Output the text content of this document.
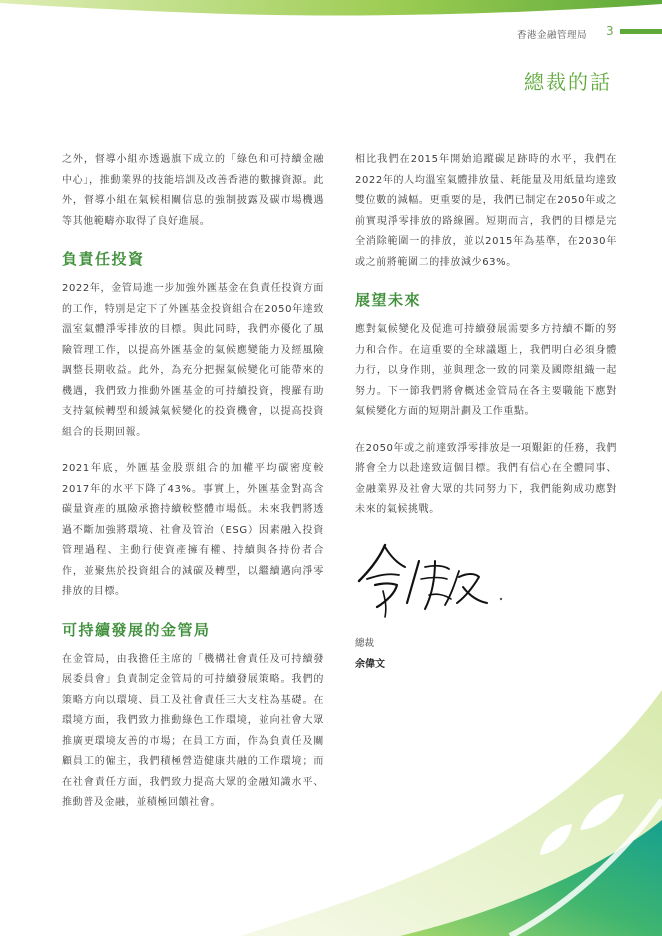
香港金融管理局 3
總裁的話

之外，督導小組亦透過旗下成立的「綠色和可持續金融中心」，推動業界的技能培訓及改善香港的數據資源。此外，督導小組在氣候相關信息的強制披露及碳市場機遇等其他範疇亦取得了良好進展。

負責任投資

2022年，金管局進一步加強外匯基金在負責任投資方面的工作，特別是定下了外匯基金投資組合在2050年達致溫室氣體淨零排放的目標。與此同時，我們亦優化了風險管理工作，以提高外匯基金的氣候應變能力及經風險調整長期收益。此外，為充分把握氣候變化可能帶來的機遇，我們致力推動外匯基金的可持續投資，搜羅有助支持氣候轉型和緩減氣候變化的投資機會，以提高投資組合的長期回報。

2021年底，外匯基金股票組合的加權平均碳密度較2017年的水平下降了43%。事實上，外匯基金對高含碳量資產的風險承擔持續較整體市場低。未來我們將透過不斷加強將環境、社會及管治（ESG）因素融入投資管理過程、主動行使資產擁有權、持續與各持份者合作，並聚焦於投資組合的減碳及轉型，以繼續邁向淨零排放的目標。

可持續發展的金管局

在金管局，由我擔任主席的「機構社會責任及可持續發展委員會」負責制定金管局的可持續發展策略。我們的策略方向以環境、員工及社會責任三大支柱為基礎。在環境方面，我們致力推動綠色工作環境，並向社會大眾推廣更環境友善的市場；在員工方面，作為負責任及關顧員工的僱主，我們積極營造健康共融的工作環境；而在社會責任方面，我們致力提高大眾的金融知識水平、推動普及金融，並積極回饋社會。

相比我們在2015年開始追蹤碳足跡時的水平，我們在2022年的人均溫室氣體排放量、耗能量及用紙量均達致雙位數的減幅。更重要的是，我們已制定在2050年或之前實現淨零排放的路線圖。短期而言，我們的目標是完全消除範圍一的排放，並以2015年為基準，在2030年或之前將範圍二的排放減少63%。

展望未來

應對氣候變化及促進可持續發展需要多方持續不斷的努力和合作。在這重要的全球議題上，我們明白必須身體力行，以身作則，並與理念一致的同業及國際組織一起努力。下一節我們將會概述金管局在各主要職能下應對氣候變化方面的短期計劃及工作重點。

在2050年或之前達致淨零排放是一項艱鉅的任務，我們將會全力以赴達致這個目標。我們有信心在全體同事、金融業界及社會大眾的共同努力下，我們能夠成功應對未來的氣候挑戰。

總裁
余偉文
